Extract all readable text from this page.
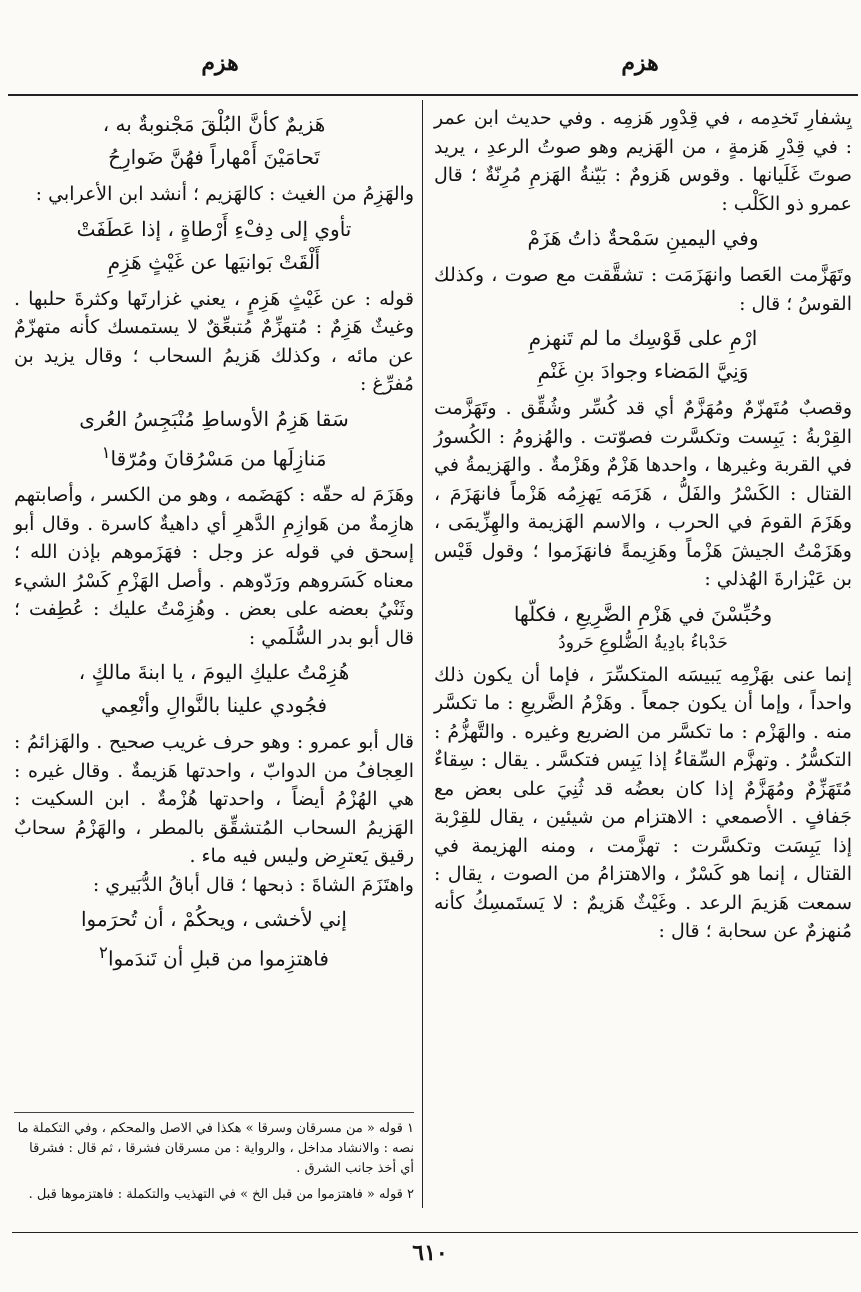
هزم
هزم

يِشفارِ تَخدِمه ، في قِدْوِر هَزمِه . وفي حديث ابن عمر : في قِدْرِ هَزمةٍ ، من الهَزيم وهو صوتُ الرعدِ ، يريد صوتَ غَلَيانها . وقوس هَزومٌ : بَيّنةُ الهَزمِ مُرِنّةٌ ؛ قال عمرو ذو الكَلْب :

وفي اليمينِ سَمْحةٌ ذاتُ هَزَمْ

وتَهَزَّمت العَصا وانهَزَمَت : تشقَّقت مع صوت ، وكذلك القوسُ ؛ قال :

ارْمِ على قَوْسِك ما لم تَنهزمِ

وَنِيَّ المَضاء وجوادَ بنِ غَنْمِ

وقصبٌ مُتَهزّمٌ ومُهَزَّمٌ أي قد كُسِّر وشُقِّق . وتَهَزَّمت القِرْبةُ : يَبِست وتكسَّرت فصوّتت . والهُزومُ : الكُسورُ في القربة وغيرها ، واحدها هَزْمٌ وهَزْمةٌ . والهَزيمةُ في القتال : الكَسْرُ والفَلُّ ، هَزَمَه يَهزِمُه هَزْماً فانهَزَمَ ، وهَزَمَ القومَ في الحرب ، والاسم الهَزيمة والهِزِّيمَى ، وهَزَمْتُ الجيشَ هَزْماً وهَزِيمةً فانهَزَموا ؛ وقول قَيْس بن عَيْزارةَ الهُذلي :

وحُبِّسْنَ في هَزْمِ الضَّرِيعِ ، فكلّها

حَدْباءُ بادِيةُ الضُّلوعِ حَرودُ

إنما عنى بهَزْمِه يَبيسَه المتكسِّرَ ، فإما أن يكون ذلك واحداً ، وإما أن يكون جمعاً . وهَزْمُ الضَّريعِ : ما تكسَّر منه . والهَزْم : ما تكسَّر من الضريع وغيره . والتَّهزُّمُ : التكسُّرُ . وتهزَّم السِّقاءُ إذا يَبِس فتكسَّر . يقال : سِقاءٌ مُتَهَزِّمٌ ومُهَزَّمٌ إذا كان بعضُه قد ثُنِيَ على بعض مع جَفافٍ . الأصمعي : الاهتزام من شيئين ، يقال للقِرْبة إذا يَبِسَت وتكسَّرت : تهزَّمت ، ومنه الهزيمة في القتال ، إنما هو كَسْرٌ ، والاهتزامُ من الصوت ، يقال : سمعت هَزيمَ الرعد . وغَيْثٌ هَزيمٌ : لا يَستَمسِكُ كأنه مُنهزمٌ عن سحابة ؛ قال :

هَزيمٌ كأنَّ البُلْقَ مَجْنوبةٌ به ،

تَحامَيْنَ أَمْهاراً فهُنَّ ضَوارِحُ

والهَزِمُ من الغيث : كالهَزيم ؛ أنشد ابن الأعرابي :

تأوي إلى دِفْءِ أَرْطاةٍ ، إذا عَطَفَتْ

أَلْقَتْ بَوانيَها عن غَيْثٍ هَزِمِ

قوله : عن غَيْثٍ هَزِمٍ ، يعني غزارتَها وكثرةَ حلبها . وغيثٌ هَزِمٌ : مُتهزِّمٌ مُتبعِّقٌ لا يستمسك كأنه متهزّمٌ عن مائه ، وكذلك هَزيمُ السحاب ؛ وقال يزيد بن مُفرِّغ :

سَقا هَزِمُ الأوساطِ مُنْبَجِسُ العُرى

مَنازِلَها من مَسْرُقانَ ومُرّقا$^١$

وهَزَمَ له حقّه : كهَضَمه ، وهو من الكسر ، وأصابتهم هازِمةٌ من هَوازِمِ الدَّهرِ أي داهيةٌ كاسرة . وقال أبو إسحق في قوله عز وجل : فهَزَموهم بإذن الله ؛ معناه كَسَروهم ورَدّوهم . وأصل الهَزْمِ كَسْرُ الشيء وثَنْيُ بعضه على بعض . وهُزِمْتُ عليك : عُطِفت ؛ قال أبو بدر السُّلَمي :

هُزِمْتُ عليكِ اليومَ ، يا ابنةَ مالكٍ ،

فجُودي علينا بالنَّوالِ وأنْعِمي

قال أبو عمرو : وهو حرف غريب صحيح . والهَزائمُ : العِجافُ من الدوابّ ، واحدتها هَزيمةٌ . وقال غيره : هي الهُزْمُ أيضاً ، واحدتها هُزْمةٌ . ابن السكيت : الهَزيمُ السحاب المُتشقِّق بالمطر ، والهَزْمُ سحابٌ رقيق يَعترِض وليس فيه ماء .

واهتَزَمَ الشاةَ : ذبحها ؛ قال أباقُ الدُّبَيري :

إني لأخشى ، ويحكُمْ ، أن تُحرَموا

فاهتزِموا من قبلِ أن تَندَموا$^٢$

١ قوله « من مسرقان وسرقا » هكذا في الاصل والمحكم ، وفي التكملة ما نصه : والانشاد مداخل ، والرواية : من مسرقان فشرقا ، ثم قال : فشرقا أي أخذ جانب الشرق .

٢ قوله « فاهتزموا من قبل الخ » في التهذيب والتكملة : فاهتزموها قبل .

٦١٠
